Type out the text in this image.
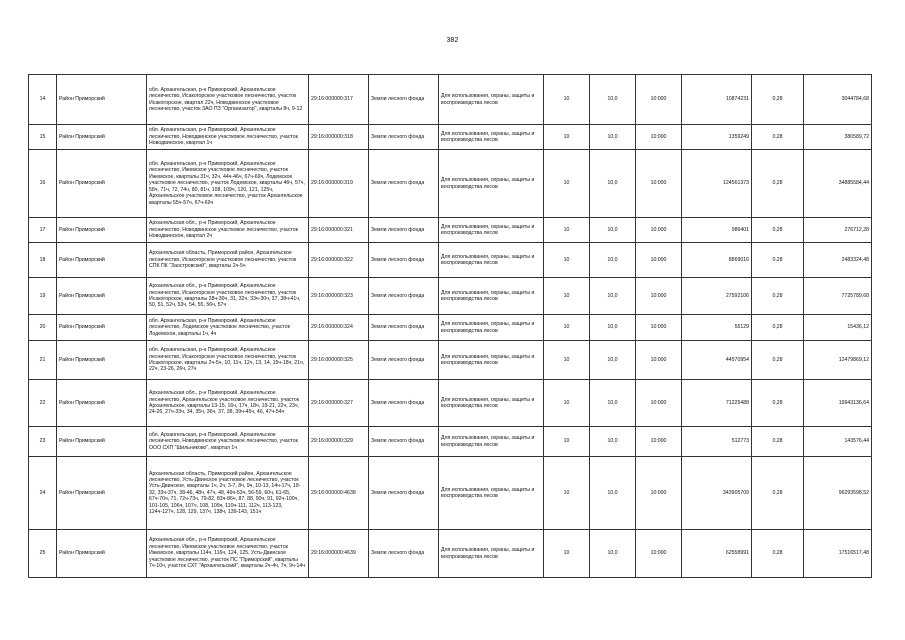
382
14	Район Приморский	обл. Архангельская, р-н Приморский, Архангельское лесничество, Исакогорское участковое лесничество, участок Исакогорское, квартал 22ч, Новодвинское участковое лесничество, участок ЗАО ПЗ "Организатор", кварталы 8ч, 9-12	29:16:000000:317	Земли лесного фонда	Для использования, охраны, защиты и воспроизводства лесов	10	10,0	10:000	10874231	0,28	3044784,68
15	Район Приморский	обл. Архангельская, р-н Приморский, Архангельское лесничество, Новодвинское участковое лесничество, участок Новодвинское, квартал 1ч	29:16:000000:318	Земли лесного фонда	Для использования, охраны, защиты и воспроизводства лесов	10	10,0	10:000	1359249	0,28	380589,72
16	Район Приморский	обл. Архангельская, р-н Приморский, Архангельское лесничество, Ижемское участковое лесничество, участок Ижемское, кварталы 31ч, 32ч, 44ч-46ч, 67ч-69ч, Лодемское участковое лесничество, участок Лодемское, кварталы 46ч, 57ч, 58ч, 71ч, 72, 74ч, 80, 81ч, 108, 109ч, 120, 121, 125ч, Архангельское участковое лесничество, участок Архангельское кварталы 55ч-57ч, 67ч-69ч	29:16:000000:319	Земли лесного фонда	Для использования, охраны, защиты и воспроизводства лесов	10	10,0	10:000	124561373	0,28	34885584,44
17	Район Приморский	Архангельская обл., р-н Приморский, Архангельское лесничество, Новодвинское участковое лесничество, участок Новодвинское, квартал 2ч	29:16:000000:321	Земли лесного фонда	Для использования, охраны, защиты и воспроизводства лесов	10	10,0	10:000	986401	0,28	276712,28
18	Район Приморский	Архангельская область, Приморский район, Архангельское лесничество, Исакогорское участковое лесничество, участок СПК ПК "Заостровский", кварталы 2ч-5ч	29:16:000000:322	Земли лесного фонда	Для использования, охраны, защиты и воспроизводства лесов	10	10,0	10:000	8869016	0,28	2483324,48
19	Район Приморский	Архангельская обл., р-н Приморский, Архангельское лесничество, Исакогорское участковое лесничество, участок Исакогорское, кварталы 28ч-30ч, 31, 32ч, 33ч-30ч, 37, 38ч-41ч, 50, 51, 52ч, 53ч, 54, 55, 56ч, 57ч	29:16:000000:323	Земли лесного фонда	Для использования, охраны, защиты и воспроизводства лесов	10	10,0	10:000	27592106	0,28	7725789,68
20	Район Приморский	обл. Архангельская, р-н Приморский, Архангельское лесничество, Лодемское участковое лесничество, участок Лодемское, кварталы 1ч, 4ч	29:16:000000:324	Земли лесного фонда	Для использования, охраны, защиты и воспроизводства лесов	10	10,0	10:000	55129	0,28	15436,12
21	Район Приморский	обл. Архангельская, р-н Приморский, Архангельское лесничество, Исакогорское участковое лесничество, участок Исакогорское, кварталы 2ч-5ч, 10, 11ч, 12ч, 13, 14, 15ч-18ч, 21ч, 22ч, 23-26, 26ч, 27ч	29:16:000000:325	Земли лесного фонда	Для использования, охраны, защиты и воспроизводства лесов	10	10,0	10:000	44570954	0,28	12479869,12
22	Район Приморский	Архангельская обл., р-н Приморский, Архангельское лесничество, Архангельское участковое лесничество, участок Архангельское, кварталы 13-15, 16ч, 17ч, 18ч, 19-21, 22ч, 23ч, 24-26, 27ч-33ч, 34, 35ч, 36ч, 37, 38, 39ч-45ч, 46, 47ч-54ч	29:16:000000:327	Земли лесного фонда	Для использования, охраны, защиты и воспроизводства лесов	10	10,0	10:000	71225488	0,28	19943136,64
23	Район Приморский	обл. Архангельская, р-н Приморский, Архангельское лесничество, Новодвинское участковое лесничество, участок ООО СХП "Шильниково", квартал 1ч	29:16:000000:329	Земли лесного фонда	Для использования, охраны, защиты и воспроизводства лесов	10	10,0	10:000	512773	0,28	143576,44
24	Район Приморский	Архангельская область, Приморский район, Архангельское лесничество, Усть-Двинское участковое лесничество, участок Усть-Двинское, кварталы 1ч, 2ч, 3-7, 8ч, 9ч, 10-13, 14ч-17ч, 18-32, 33ч-37ч, 38-46, 48ч, 47ч, 48, 49ч-53ч, 56-59, 60ч, 61-65, 67ч-70ч, 71, 72ч-73ч, 79-82, 83ч-86ч, 87, 88, 90ч, 91, 92ч-100ч, 101-105, 106ч, 107ч, 108, 109ч, 110ч-111, 112ч, 113-123, 124ч-127ч, 128, 129, 137ч, 138ч, 139-143, 151ч	29:16:000000:4638	Земли лесного фонда	Для использования, охраны, защиты и воспроизводства лесов	10	10,0	10:000	343905709	0,28	96293598,52
25	Район Приморский	Архангельская обл., р-н Приморский, Архангельское лесничество, Ижемское участковое лесничество, участок Ижемское, кварталы 114ч, 116ч, 124, 125, Усть-Двинское участковое лесничество, участок ПС "Приморский", кварталы 7ч-10ч, участок СХТ "Архангельский", кварталы 2ч-4ч, 7ч, 9ч-14ч	29:16:000000:4639	Земли лесного фонда	Для использования, охраны, защиты и воспроизводства лесов	10	10,0	10:000	62558991	0,28	17516517,48
